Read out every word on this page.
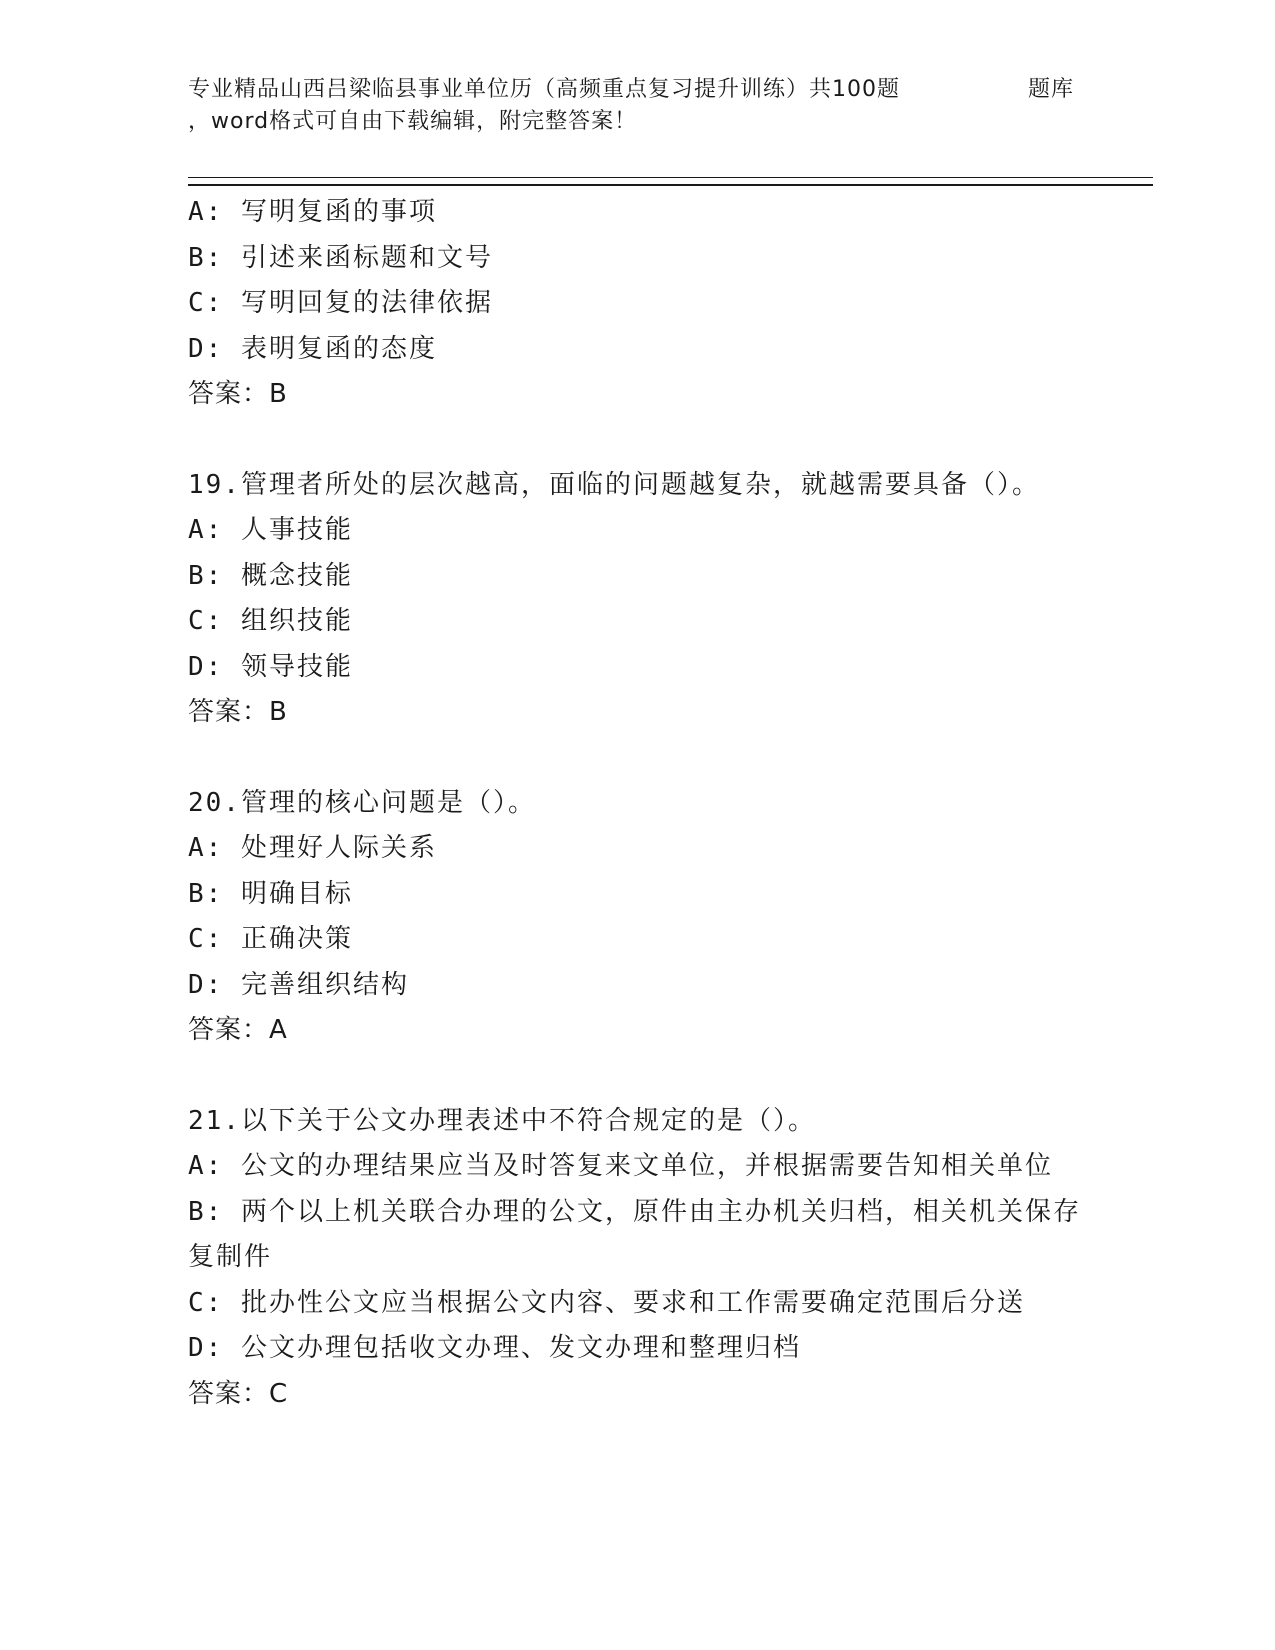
专业精品山西吕梁临县事业单位历（高频重点复习提升训练）共100题	题库
，word格式可自由下载编辑，附完整答案！
A: 写明复函的事项
B: 引述来函标题和文号
C: 写明回复的法律依据
D: 表明复函的态度
答案：B
19.管理者所处的层次越高，面临的问题越复杂，就越需要具备（）。
A: 人事技能
B: 概念技能
C: 组织技能
D: 领导技能
答案：B
20.管理的核心问题是（）。
A: 处理好人际关系
B: 明确目标
C: 正确决策
D: 完善组织结构
答案：A
21.以下关于公文办理表述中不符合规定的是（）。
A: 公文的办理结果应当及时答复来文单位，并根据需要告知相关单位
B: 两个以上机关联合办理的公文，原件由主办机关归档，相关机关保存复制件
C: 批办性公文应当根据公文内容、要求和工作需要确定范围后分送
D: 公文办理包括收文办理、发文办理和整理归档
答案：C
